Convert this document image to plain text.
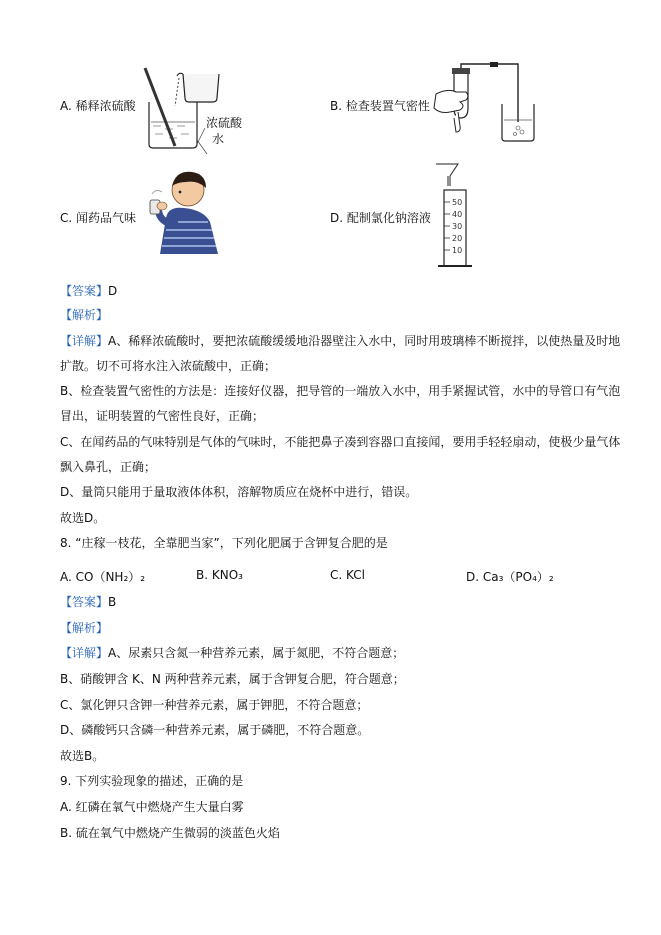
A. 稀释浓硫酸
浓硫酸
水
B. 检查装置气密性
C. 闻药品气味	D. 配制氯化钠溶液
50
40
30
20
10
【答案】D
【解析】
【详解】A、稀释浓硫酸时，要把浓硫酸缓缓地沿器壁注入水中，同时用玻璃棒不断搅拌，以使热量及时地
扩散。切不可将水注入浓硫酸中，正确；
B、检查装置气密性的方法是：连接好仪器，把导管的一端放入水中，用手紧握试管，水中的导管口有气泡
冒出，证明装置的气密性良好，正确；
C、在闻药品的气味特别是气体的气味时，不能把鼻子凑到容器口直接闻，要用手轻轻扇动，使极少量气体
飘入鼻孔，正确；
D、量筒只能用于量取液体体积，溶解物质应在烧杯中进行，错误。
故选D。
8. “庄稼一枝花，全靠肥当家”，下列化肥属于含钾复合肥的是
A. CO（NH₂）₂	B. KNO₃	C. KCl	D. Ca₃（PO₄）₂
【答案】B
【解析】
【详解】A、尿素只含氮一种营养元素，属于氮肥，不符合题意；
B、硝酸钾含 K、N 两种营养元素，属于含钾复合肥，符合题意；
C、氯化钾只含钾一种营养元素，属于钾肥，不符合题意；
D、磷酸钙只含磷一种营养元素，属于磷肥，不符合题意。
故选B。
9. 下列实验现象的描述，正确的是
A. 红磷在氧气中燃烧产生大量白雾
B. 硫在氧气中燃烧产生微弱的淡蓝色火焰
